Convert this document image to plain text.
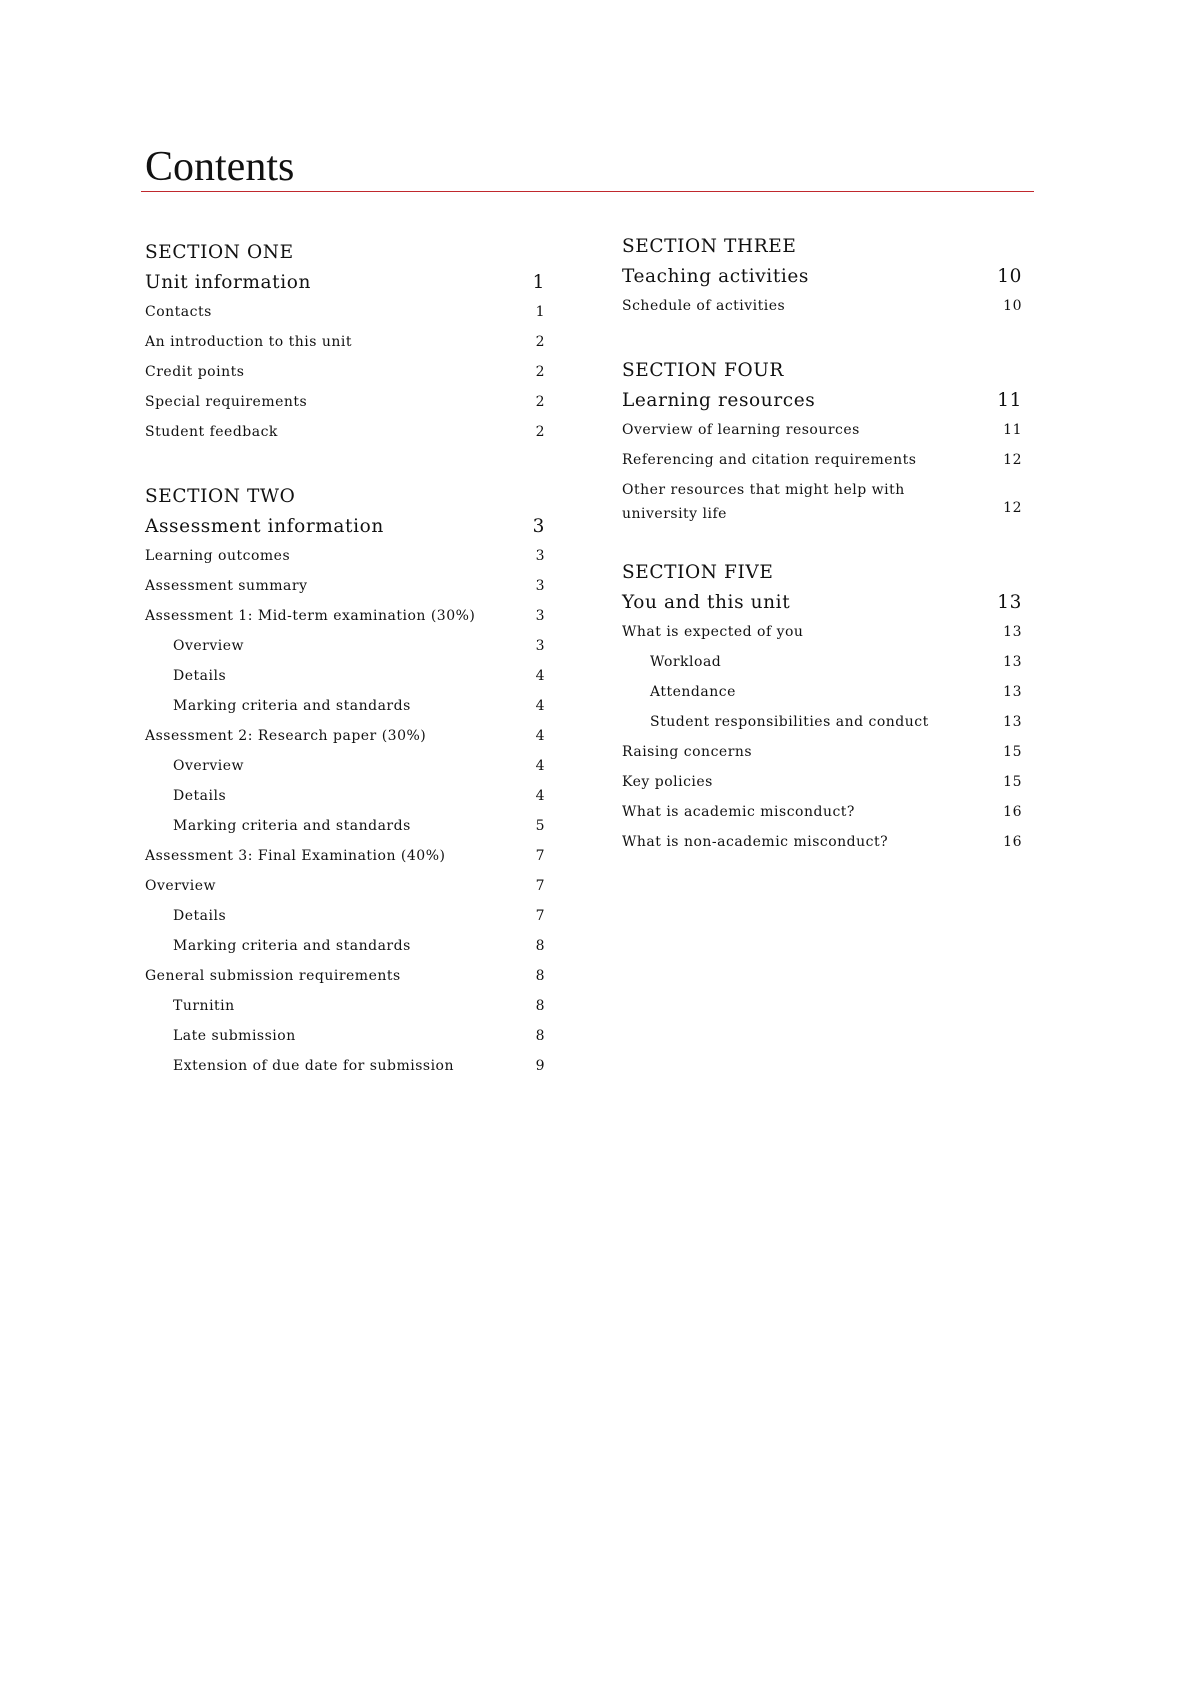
Contents
SECTION ONE
Unit information	1
Contacts	1
An introduction to this unit	2
Credit points	2
Special requirements	2
Student feedback	2
SECTION TWO
Assessment information	3
Learning outcomes	3
Assessment summary	3
Assessment 1: Mid-term examination (30%)	3
Overview	3
Details	4
Marking criteria and standards	4
Assessment 2: Research paper (30%)	4
Overview	4
Details	4
Marking criteria and standards	5
Assessment 3: Final Examination (40%)	7
Overview	7
Details	7
Marking criteria and standards	8
General submission requirements	8
Turnitin	8
Late submission	8
Extension of due date for submission	9
SECTION THREE
Teaching activities	10
Schedule of activities	10
SECTION FOUR
Learning resources	11
Overview of learning resources	11
Referencing and citation requirements	12
Other resources that might help with university life	12
SECTION FIVE
You and this unit	13
What is expected of you	13
Workload	13
Attendance	13
Student responsibilities and conduct	13
Raising concerns	15
Key policies	15
What is academic misconduct?	16
What is non-academic misconduct?	16
